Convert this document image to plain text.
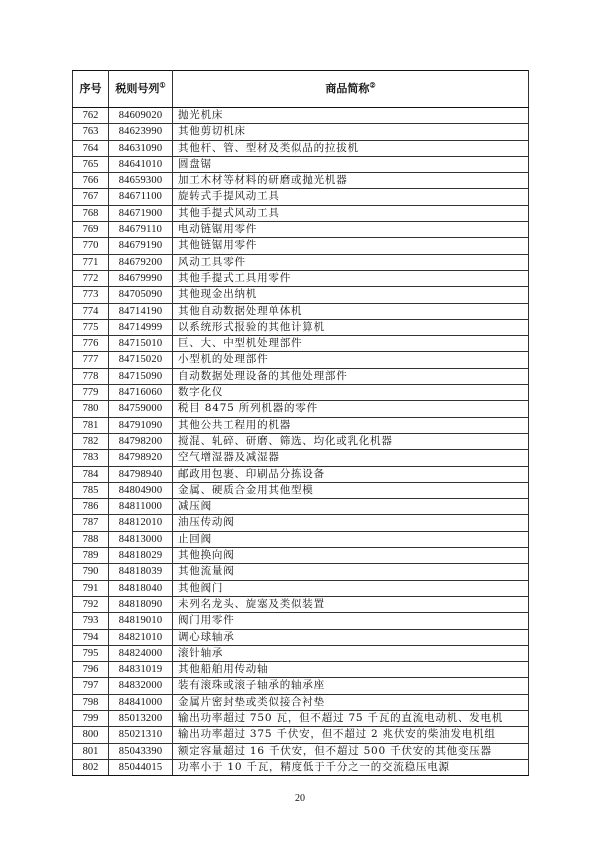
序号	税则号列①	商品简称②
762	84609020	抛光机床
763	84623990	其他剪切机床
764	84631090	其他杆、管、型材及类似品的拉拔机
765	84641010	圆盘锯
766	84659300	加工木材等材料的研磨或抛光机器
767	84671100	旋转式手提风动工具
768	84671900	其他手提式风动工具
769	84679110	电动链锯用零件
770	84679190	其他链锯用零件
771	84679200	风动工具零件
772	84679990	其他手提式工具用零件
773	84705090	其他现金出纳机
774	84714190	其他自动数据处理单体机
775	84714999	以系统形式报验的其他计算机
776	84715010	巨、大、中型机处理部件
777	84715020	小型机的处理部件
778	84715090	自动数据处理设备的其他处理部件
779	84716060	数字化仪
780	84759000	税目 8475 所列机器的零件
781	84791090	其他公共工程用的机器
782	84798200	搅混、轧碎、研磨、筛选、均化或乳化机器
783	84798920	空气增湿器及减湿器
784	84798940	邮政用包裹、印刷品分拣设备
785	84804900	金属、硬质合金用其他型模
786	84811000	减压阀
787	84812010	油压传动阀
788	84813000	止回阀
789	84818029	其他换向阀
790	84818039	其他流量阀
791	84818040	其他阀门
792	84818090	未列名龙头、旋塞及类似装置
793	84819010	阀门用零件
794	84821010	调心球轴承
795	84824000	滚针轴承
796	84831019	其他船舶用传动轴
797	84832000	装有滚珠或滚子轴承的轴承座
798	84841000	金属片密封垫或类似接合衬垫
799	85013200	输出功率超过 750 瓦，但不超过 75 千瓦的直流电动机、发电机
800	85021310	输出功率超过 375 千伏安，但不超过 2 兆伏安的柴油发电机组
801	85043390	额定容量超过 16 千伏安，但不超过 500 千伏安的其他变压器
802	85044015	功率小于 10 千瓦，精度低于千分之一的交流稳压电源
20
